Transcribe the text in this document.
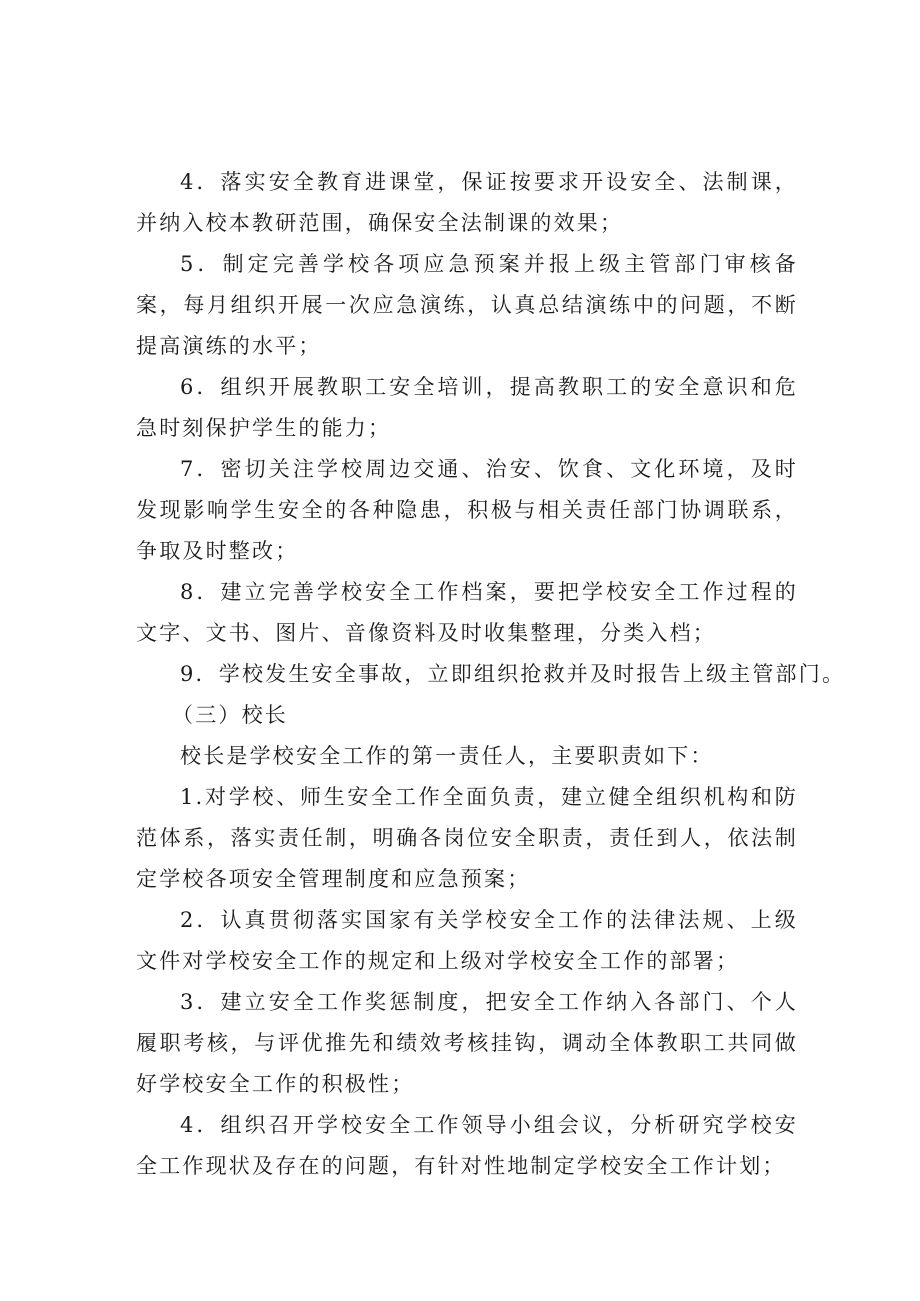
4．落实安全教育进课堂，保证按要求开设安全、法制课，并纳入校本教研范围，确保安全法制课的效果；

5．制定完善学校各项应急预案并报上级主管部门审核备案，每月组织开展一次应急演练，认真总结演练中的问题，不断提高演练的水平；

6．组织开展教职工安全培训，提高教职工的安全意识和危急时刻保护学生的能力；

7．密切关注学校周边交通、治安、饮食、文化环境，及时发现影响学生安全的各种隐患，积极与相关责任部门协调联系，争取及时整改；

8．建立完善学校安全工作档案，要把学校安全工作过程的文字、文书、图片、音像资料及时收集整理，分类入档；

9．学校发生安全事故，立即组织抢救并及时报告上级主管部门。

（三）校长

校长是学校安全工作的第一责任人，主要职责如下：

1.对学校、师生安全工作全面负责，建立健全组织机构和防范体系，落实责任制，明确各岗位安全职责，责任到人，依法制定学校各项安全管理制度和应急预案；

2．认真贯彻落实国家有关学校安全工作的法律法规、上级文件对学校安全工作的规定和上级对学校安全工作的部署；

3．建立安全工作奖惩制度，把安全工作纳入各部门、个人履职考核，与评优推先和绩效考核挂钩，调动全体教职工共同做好学校安全工作的积极性；

4．组织召开学校安全工作领导小组会议，分析研究学校安全工作现状及存在的问题，有针对性地制定学校安全工作计划；
